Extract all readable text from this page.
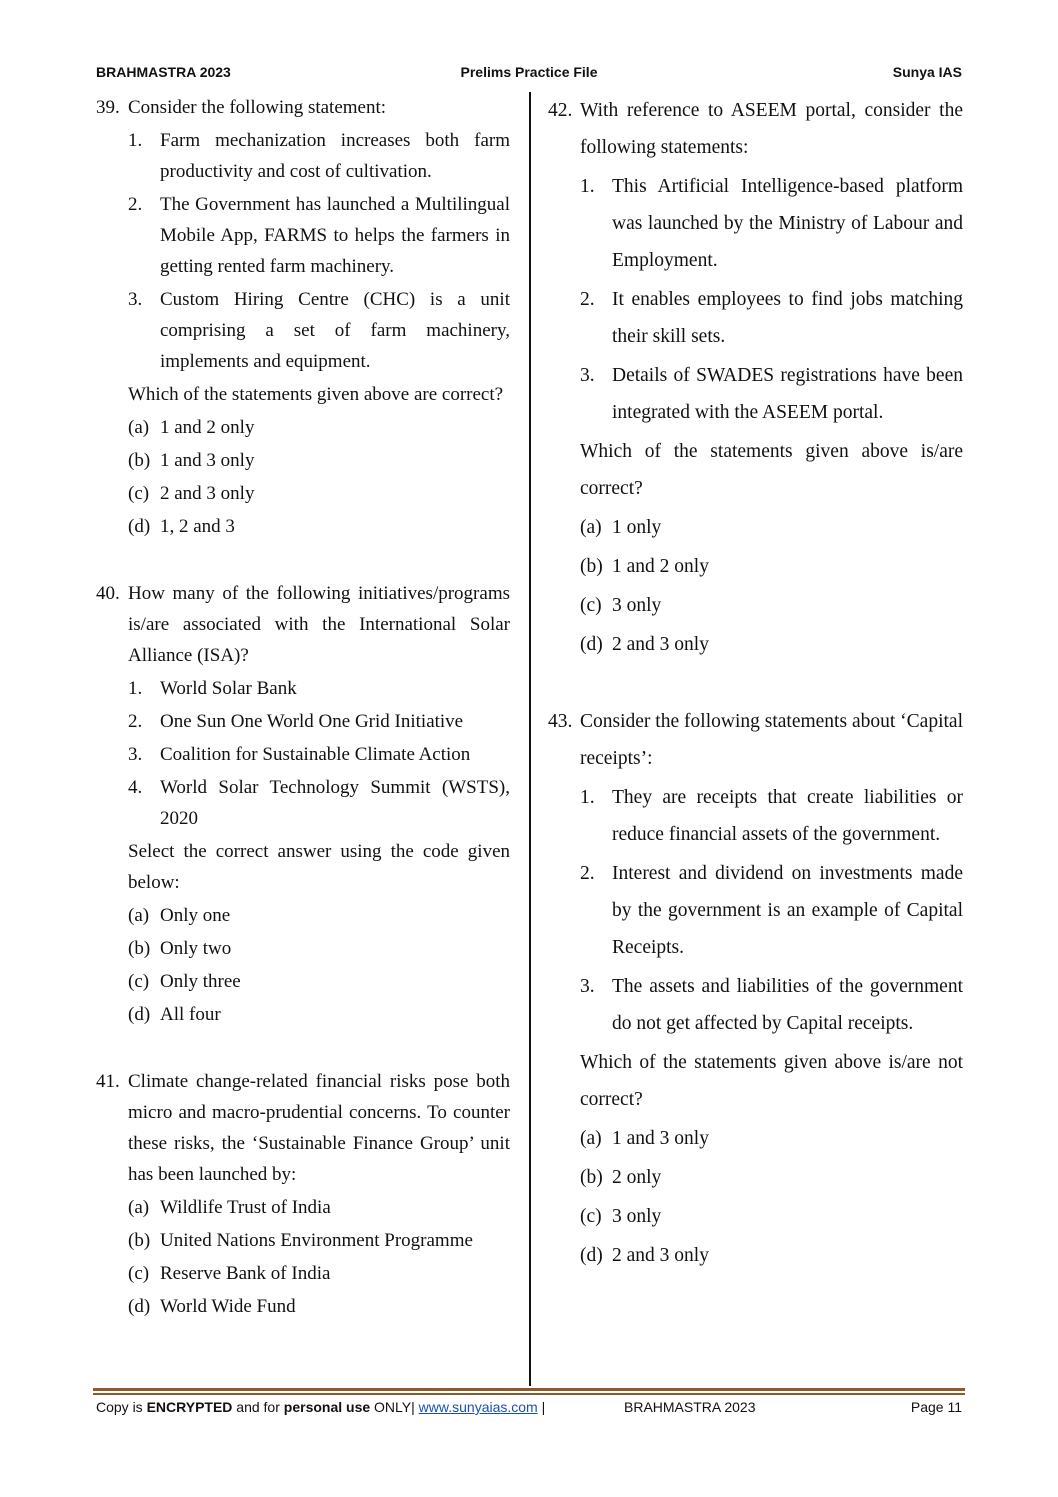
BRAHMASTRA 2023	Prelims Practice File	Sunya IAS
39. Consider the following statement:
1. Farm mechanization increases both farm productivity and cost of cultivation.
2. The Government has launched a Multilingual Mobile App, FARMS to helps the farmers in getting rented farm machinery.
3. Custom Hiring Centre (CHC) is a unit comprising a set of farm machinery, implements and equipment.
Which of the statements given above are correct?
(a) 1 and 2 only
(b) 1 and 3 only
(c) 2 and 3 only
(d) 1, 2 and 3
40. How many of the following initiatives/programs is/are associated with the International Solar Alliance (ISA)?
1. World Solar Bank
2. One Sun One World One Grid Initiative
3. Coalition for Sustainable Climate Action
4. World Solar Technology Summit (WSTS), 2020
Select the correct answer using the code given below:
(a) Only one
(b) Only two
(c) Only three
(d) All four
41. Climate change-related financial risks pose both micro and macro-prudential concerns. To counter these risks, the ‘Sustainable Finance Group’ unit has been launched by:
(a) Wildlife Trust of India
(b) United Nations Environment Programme
(c) Reserve Bank of India
(d) World Wide Fund
42. With reference to ASEEM portal, consider the following statements:
1. This Artificial Intelligence-based platform was launched by the Ministry of Labour and Employment.
2. It enables employees to find jobs matching their skill sets.
3. Details of SWADES registrations have been integrated with the ASEEM portal.
Which of the statements given above is/are correct?
(a) 1 only
(b) 1 and 2 only
(c) 3 only
(d) 2 and 3 only
43. Consider the following statements about ‘Capital receipts’:
1. They are receipts that create liabilities or reduce financial assets of the government.
2. Interest and dividend on investments made by the government is an example of Capital Receipts.
3. The assets and liabilities of the government do not get affected by Capital receipts.
Which of the statements given above is/are not correct?
(a) 1 and 3 only
(b) 2 only
(c) 3 only
(d) 2 and 3 only
Copy is ENCRYPTED and for personal use ONLY| www.sunyaias.com |	BRAHMASTRA 2023	Page 11
